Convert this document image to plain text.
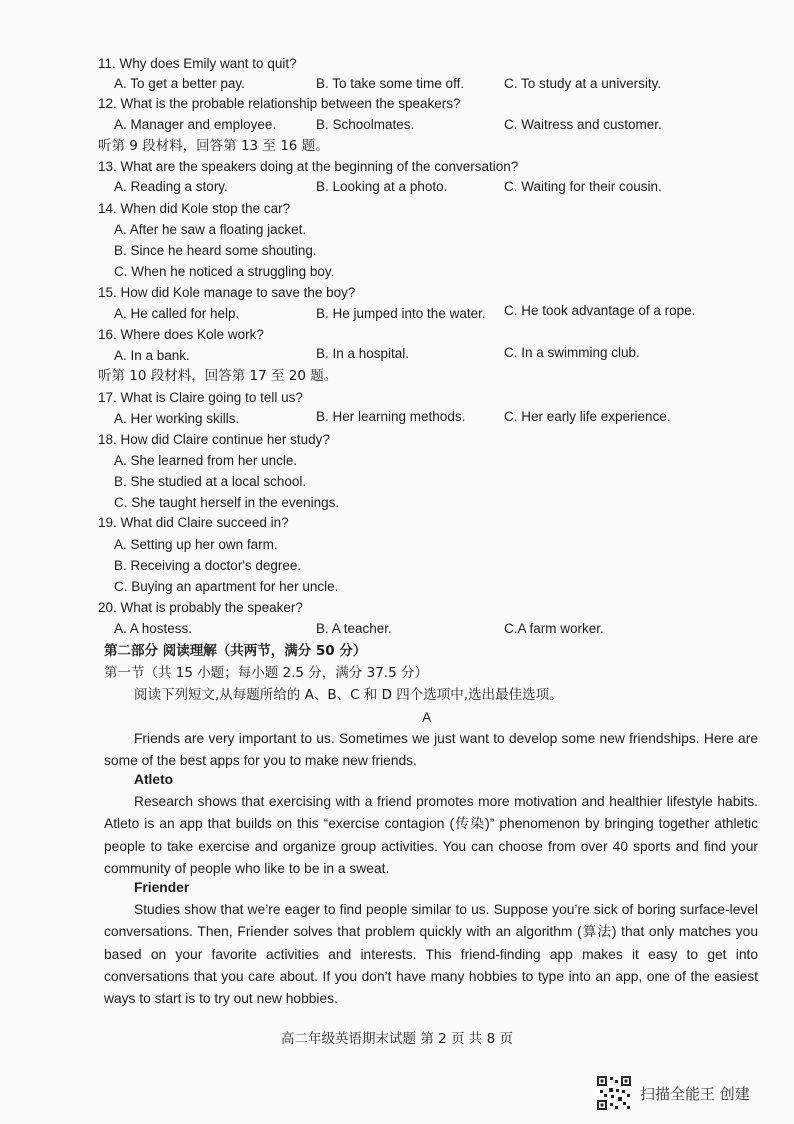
11. Why does Emily want to quit?
A. To get a better pay.	B. To take some time off.	C. To study at a university.
12. What is the probable relationship between the speakers?
A. Manager and employee.	B. Schoolmates.	C. Waitress and customer.
听第 9 段材料，回答第 13 至 16 题。
13. What are the speakers doing at the beginning of the conversation?
A. Reading a story.	B. Looking at a photo.	C. Waiting for their cousin.
14. When did Kole stop the car?
A. After he saw a floating jacket.
B. Since he heard some shouting.
C. When he noticed a struggling boy.
15. How did Kole manage to save the boy?
A. He called for help.	B. He jumped into the water. C. He took advantage of a rope.
16. Where does Kole work?
A. In a bank.	B. In a hospital.	C. In a swimming club.
听第 10 段材料，回答第 17 至 20 题。
17. What is Claire going to tell us?
A. Her working skills.	B. Her learning methods.	C. Her early life experience.
18. How did Claire continue her study?
A. She learned from her uncle.
B. She studied at a local school.
C. She taught herself in the evenings.
19. What did Claire succeed in?
A. Setting up her own farm.
B. Receiving a doctor's degree.
C. Buying an apartment for her uncle.
20. What is probably the speaker?
A. A hostess.	B. A teacher.	C.A farm worker.
第二部分 阅读理解（共两节，满分 50 分）
第一节（共 15 小题；每小题 2.5 分，满分 37.5 分）
阅读下列短文,从每题所给的 A、B、C 和 D 四个选项中,选出最佳选项。
A
Friends are very important to us. Sometimes we just want to develop some new friendships. Here are some of the best apps for you to make new friends.
Atleto
Research shows that exercising with a friend promotes more motivation and healthier lifestyle habits. Atleto is an app that builds on this “exercise contagion (传染)” phenomenon by bringing together athletic people to take exercise and organize group activities. You can choose from over 40 sports and find your community of people who like to be in a sweat.
Friender
Studies show that we’re eager to find people similar to us. Suppose you’re sick of boring surface-level conversations. Then, Friender solves that problem quickly with an algorithm (算法) that only matches you based on your favorite activities and interests. This friend-finding app makes it easy to get into conversations that you care about. If you don’t have many hobbies to type into an app, one of the easiest ways to start is to try out new hobbies.
高二年级英语期末试题 第 2 页 共 8 页
扫描全能王 创建
